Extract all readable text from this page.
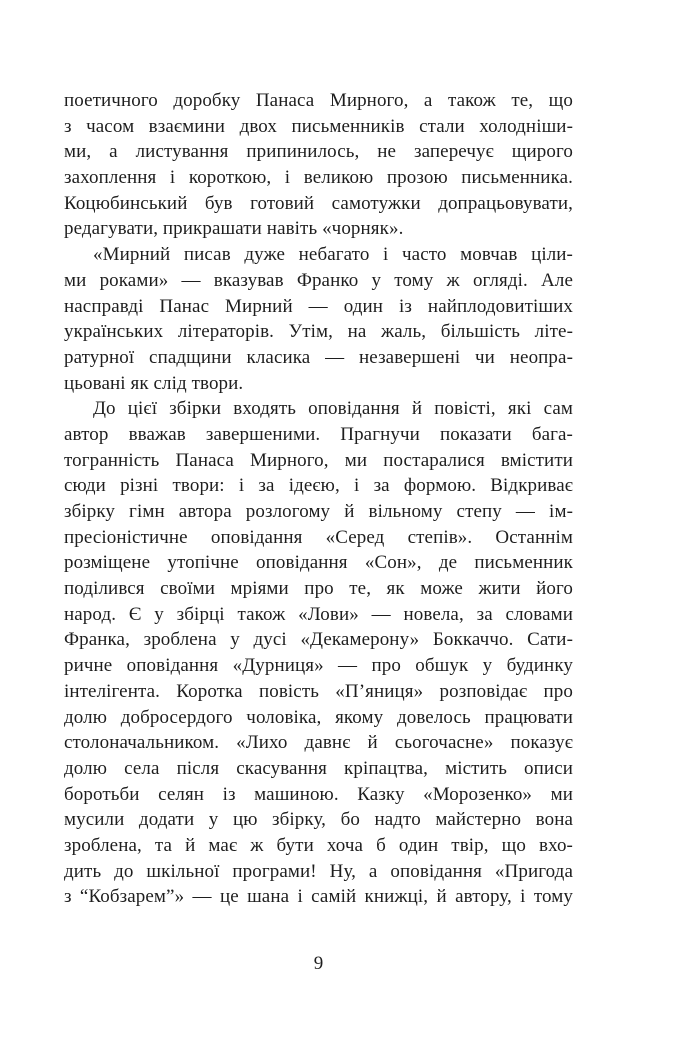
поетичного доробку Панаса Мирного, а також те, що
з часом взаємини двох письменників стали холодніши-
ми, а листування припинилось, не заперечує щирого
захоплення і короткою, і великою прозою письменника.
Коцюбинський був готовий самотужки допрацьовувати,
редагувати, прикрашати навіть «чорняк».

«Мирний писав дуже небагато і часто мовчав ціли-
ми роками» — вказував Франко у тому ж огляді. Але
насправді Панас Мирний — один із найплодовитіших
українських літераторів. Утім, на жаль, більшість літе-
ратурної спадщини класика — незавершені чи неопра-
цьовані як слід твори.

До цієї збірки входять оповідання й повісті, які сам
автор вважав завершеними. Прагнучи показати бага-
тогранність Панаса Мирного, ми постаралися вмістити
сюди різні твори: і за ідеєю, і за формою. Відкриває
збірку гімн автора розлогому й вільному степу — ім-
пресіоністичне оповідання «Серед степів». Останнім
розміщене утопічне оповідання «Сон», де письменник
поділився своїми мріями про те, як може жити його
народ. Є у збірці також «Лови» — новела, за словами
Франка, зроблена у дусі «Декамерону» Боккаччо. Сати-
ричне оповідання «Дурниця» — про обшук у будинку
інтелігента. Коротка повість «П’яниця» розповідає про
долю добросердого чоловіка, якому довелось працювати
столоначальником. «Лихо давнє й сьогочасне» показує
долю села після скасування кріпацтва, містить описи
боротьби селян із машиною. Казку «Морозенко» ми
мусили додати у цю збірку, бо надто майстерно вона
зроблена, та й має ж бути хоча б один твір, що вхо-
дить до шкільної програми! Ну, а оповідання «Пригода
з “Кобзарем”» — це шана і самій книжці, й автору, і тому

9
